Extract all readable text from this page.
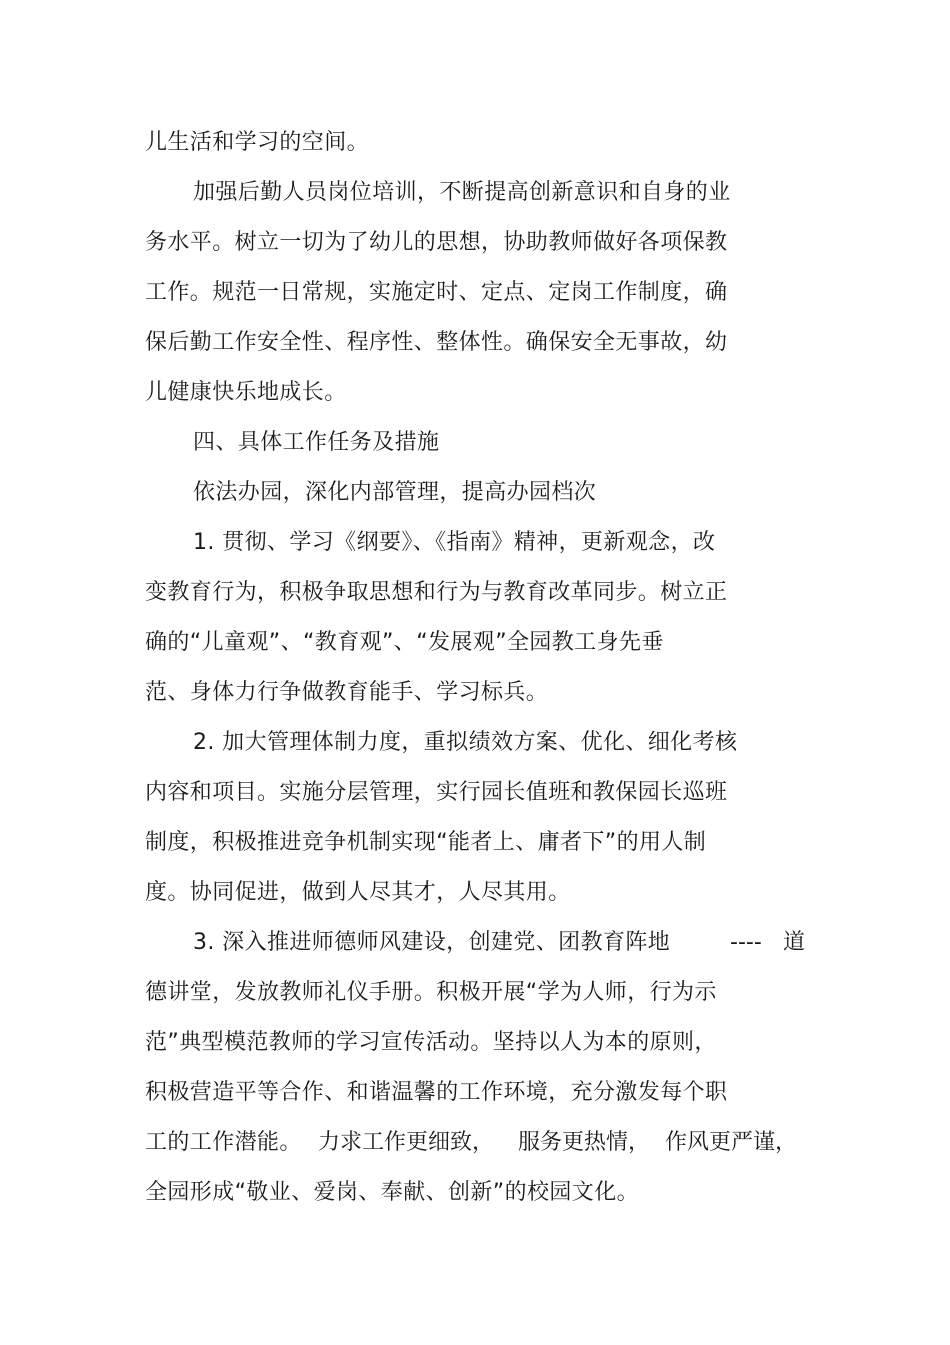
儿生活和学习的空间。
加强后勤人员岗位培训，不断提高创新意识和自身的业
务水平。树立一切为了幼儿的思想，协助教师做好各项保教
工作。规范一日常规，实施定时、定点、定岗工作制度，确
保后勤工作安全性、程序性、整体性。确保安全无事故，幼
儿健康快乐地成长。
四、具体工作任务及措施
依法办园，深化内部管理，提高办园档次
1. 贯彻、学习《纲要》、《指南》精神，更新观念，改
变教育行为，积极争取思想和行为与教育改革同步。树立正
确的“儿童观”、“教育观”、“发展观”全园教工身先垂
范、身体力行争做教育能手、学习标兵。
2. 加大管理体制力度，重拟绩效方案、优化、细化考核
内容和项目。实施分层管理，实行园长值班和教保园长巡班
制度，积极推进竞争机制实现“能者上、庸者下”的用人制
度。协同促进，做到人尽其才，人尽其用。
3. 深入推进师德师风建设，创建党、团教育阵地	---- 道
德讲堂，发放教师礼仪手册。积极开展“学为人师，行为示
范”典型模范教师的学习宣传活动。坚持以人为本的原则，
积极营造平等合作、和谐温馨的工作环境，充分激发每个职
工的工作潜能。 力求工作更细致， 服务更热情， 作风更严谨，
全园形成“敬业、爱岗、奉献、创新”的校园文化。
